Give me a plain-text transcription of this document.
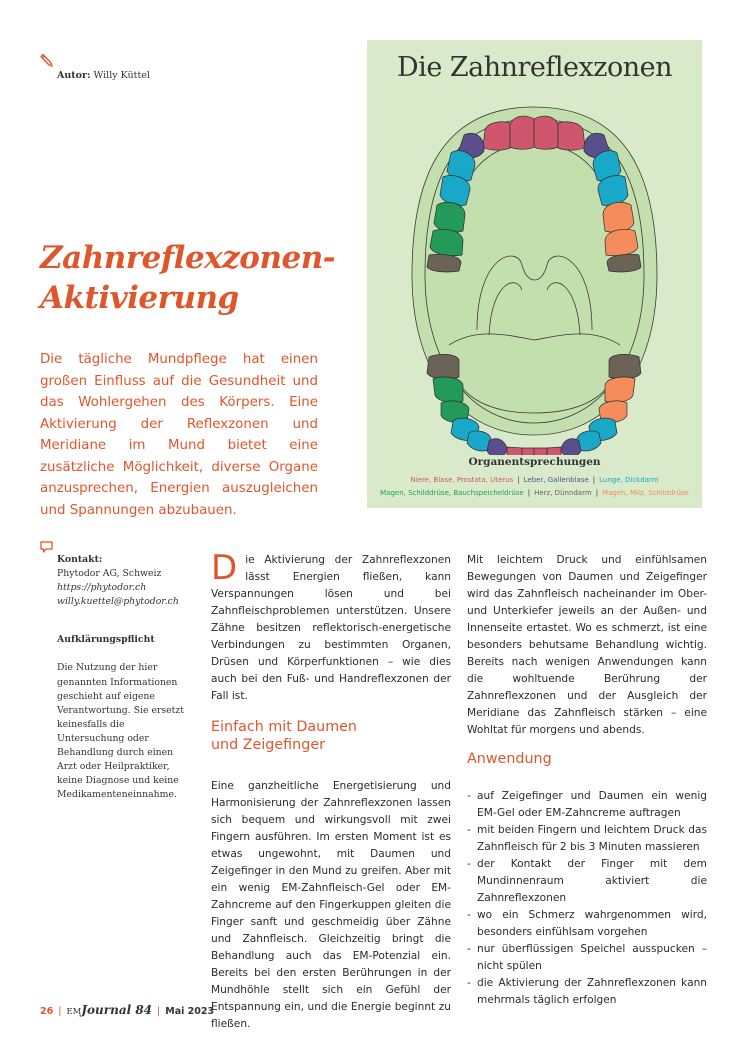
Autor: Willy Küttel	Die Zahnreflexzonen
Organentsprechungen
Niere, Blase, Prostata, Uterus | Leber, Gallenblase | Lunge, Dickdarm
Magen, Schilddrüse, Bauchspeicheldrüse | Herz, Dünndarm | Magen, Milz, Schilddrüse
Zahnreflexzonen-
Aktivierung

Die tägliche Mundpflege hat einen großen Einfluss auf die Gesundheit und das Wohlergehen des Körpers. Eine Aktivierung der Reflexzonen und Meridiane im Mund bietet eine zusätzliche Möglichkeit, diverse Organe anzusprechen, Energien auszugleichen und Spannungen abzubauen.

Kontakt:
Phytodor AG, Schweiz
https://phytodor.ch
willy.kuettel@phytodor.ch
Aufklärungspflicht
Die Nutzung der hier genannten Informationen geschieht auf eigene Verantwortung. Sie ersetzt keinesfalls die Untersuchung oder Behandlung durch einen Arzt oder Heilpraktiker, keine Diagnose und keine Medikamenteneinnahme.

Die Aktivierung der Zahnreflexzonen lässt Energien fließen, kann Verspannungen lösen und bei Zahnfleischproblemen unterstützen. Unsere Zähne besitzen reflektorisch-energetische Verbindungen zu bestimmten Organen, Drüsen und Körperfunktionen – wie dies auch bei den Fuß- und Handreflexzonen der Fall ist.

Einfach mit Daumen
und Zeigefinger

Eine ganzheitliche Energetisierung und Harmonisierung der Zahnreflexzonen lassen sich bequem und wirkungsvoll mit zwei Fingern ausführen. Im ersten Moment ist es etwas ungewohnt, mit Daumen und Zeigefinger in den Mund zu greifen. Aber mit ein wenig EM-Zahnfleisch-Gel oder EM-Zahncreme auf den Fingerkuppen gleiten die Finger sanft und geschmeidig über Zähne und Zahnfleisch. Gleichzeitig bringt die Behandlung auch das EM-Potenzial ein. Bereits bei den ersten Berührungen in der Mundhöhle stellt sich ein Gefühl der Entspannung ein, und die Energie beginnt zu fließen.

Mit leichtem Druck und einfühlsamen Bewegungen von Daumen und Zeigefinger wird das Zahnfleisch nacheinander im Ober- und Unterkiefer jeweils an der Außen- und Innenseite ertastet. Wo es schmerzt, ist eine besonders behutsame Behandlung wichtig. Bereits nach wenigen Anwendungen kann die wohltuende Berührung der Zahnreflexzonen und der Ausgleich der Meridiane das Zahnfleisch stärken – eine Wohltat für morgens und abends.

Anwendung
- auf Zeigefinger und Daumen ein wenig EM-Gel oder EM-Zahncreme auftragen
- mit beiden Fingern und leichtem Druck das Zahnfleisch für 2 bis 3 Minuten massieren
- der Kontakt der Finger mit dem Mundinnenraum aktiviert die Zahnreflexzonen
- wo ein Schmerz wahrgenommen wird, besonders einfühlsam vorgehen
- nur überflüssigen Speichel ausspucken – nicht spülen
- die Aktivierung der Zahnreflexzonen kann mehrmals täglich erfolgen
26 | EMJournal 84 | Mai 2023
